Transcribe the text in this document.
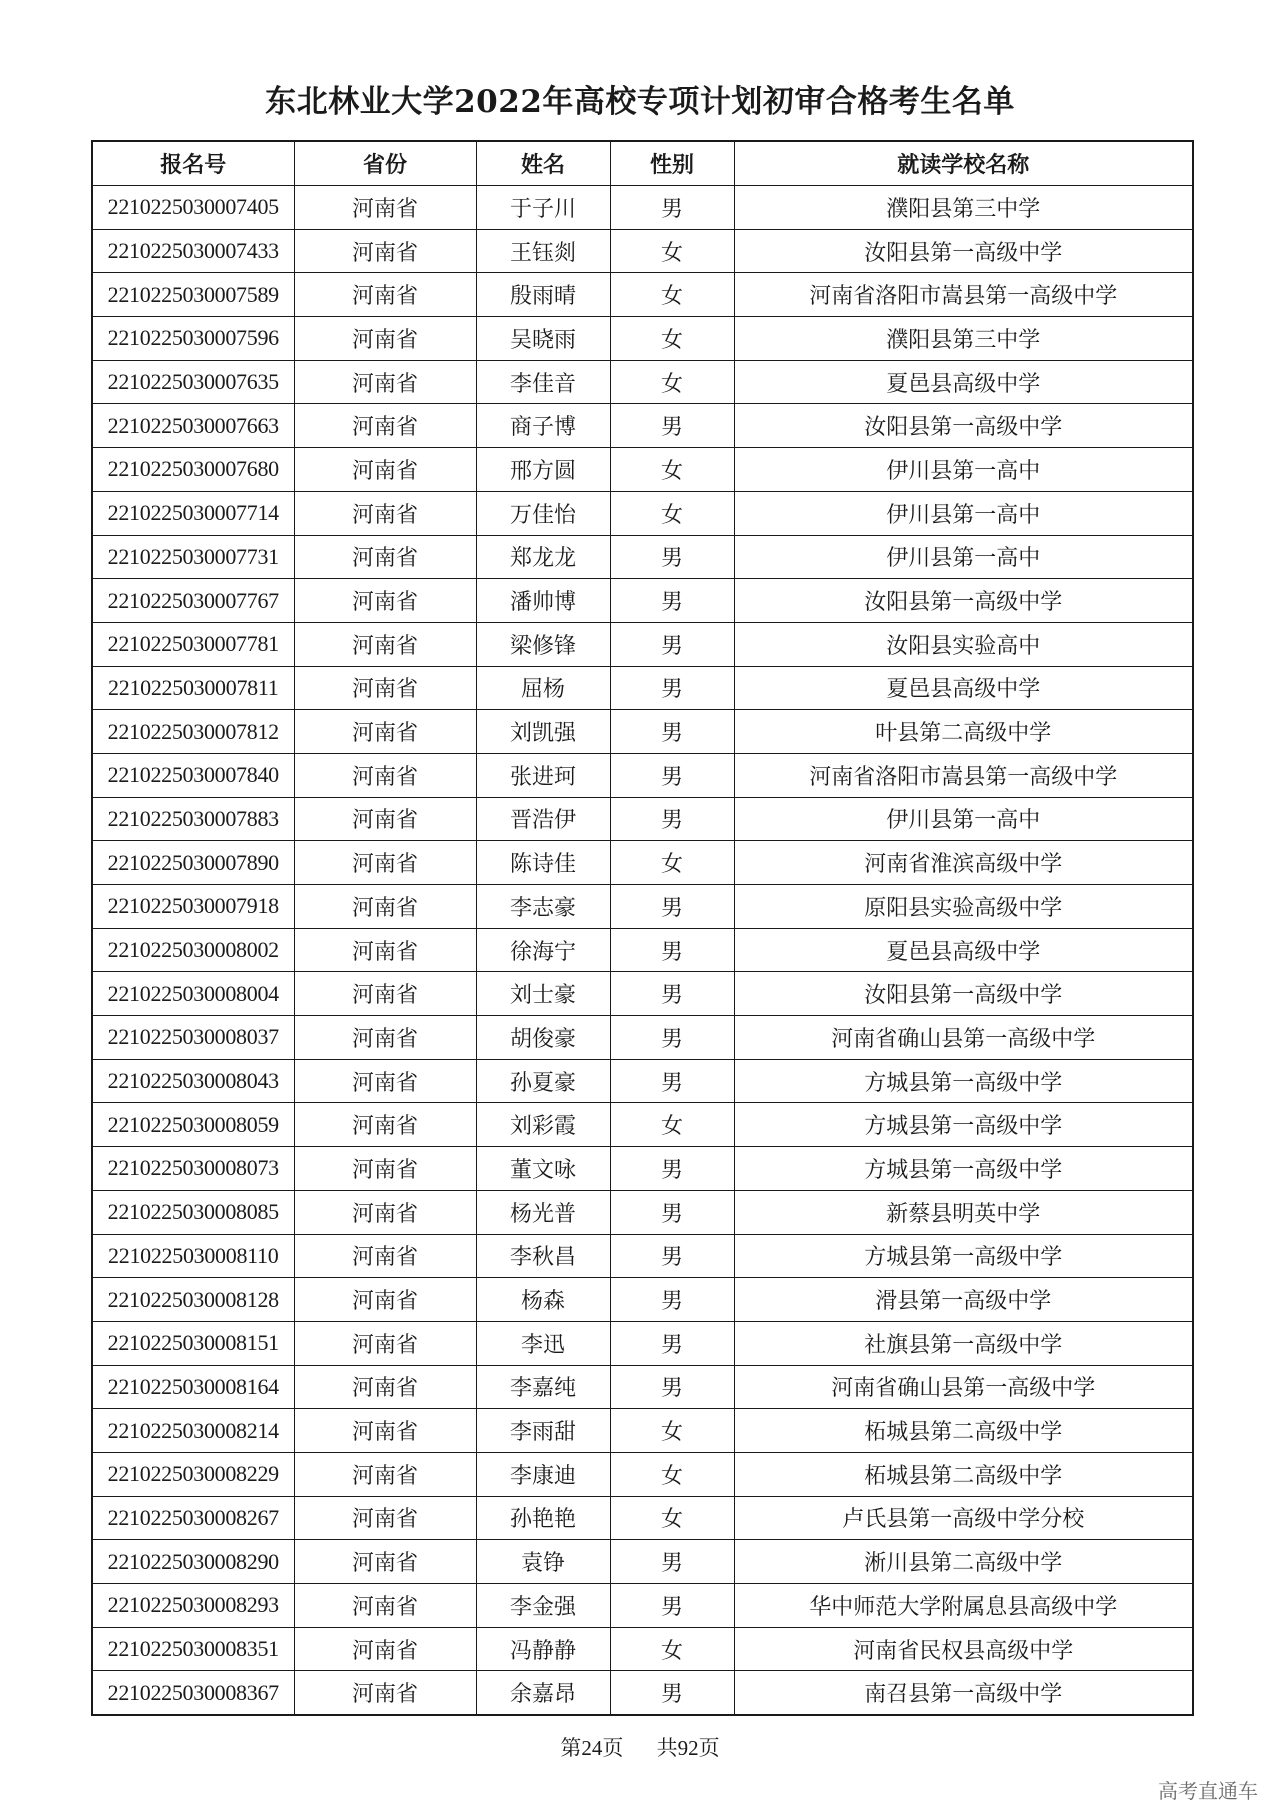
东北林业大学2022年高校专项计划初审合格考生名单
报名号	省份	姓名	性别	就读学校名称
2210225030007405	河南省	于子川	男	濮阳县第三中学
2210225030007433	河南省	王钰剡	女	汝阳县第一高级中学
2210225030007589	河南省	殷雨晴	女	河南省洛阳市嵩县第一高级中学
2210225030007596	河南省	吴晓雨	女	濮阳县第三中学
2210225030007635	河南省	李佳音	女	夏邑县高级中学
2210225030007663	河南省	商子博	男	汝阳县第一高级中学
2210225030007680	河南省	邢方圆	女	伊川县第一高中
2210225030007714	河南省	万佳怡	女	伊川县第一高中
2210225030007731	河南省	郑龙龙	男	伊川县第一高中
2210225030007767	河南省	潘帅博	男	汝阳县第一高级中学
2210225030007781	河南省	梁修锋	男	汝阳县实验高中
2210225030007811	河南省	屈杨	男	夏邑县高级中学
2210225030007812	河南省	刘凯强	男	叶县第二高级中学
2210225030007840	河南省	张进珂	男	河南省洛阳市嵩县第一高级中学
2210225030007883	河南省	晋浩伊	男	伊川县第一高中
2210225030007890	河南省	陈诗佳	女	河南省淮滨高级中学
2210225030007918	河南省	李志豪	男	原阳县实验高级中学
2210225030008002	河南省	徐海宁	男	夏邑县高级中学
2210225030008004	河南省	刘士豪	男	汝阳县第一高级中学
2210225030008037	河南省	胡俊豪	男	河南省确山县第一高级中学
2210225030008043	河南省	孙夏豪	男	方城县第一高级中学
2210225030008059	河南省	刘彩霞	女	方城县第一高级中学
2210225030008073	河南省	董文咏	男	方城县第一高级中学
2210225030008085	河南省	杨光普	男	新蔡县明英中学
2210225030008110	河南省	李秋昌	男	方城县第一高级中学
2210225030008128	河南省	杨森	男	滑县第一高级中学
2210225030008151	河南省	李迅	男	社旗县第一高级中学
2210225030008164	河南省	李嘉纯	男	河南省确山县第一高级中学
2210225030008214	河南省	李雨甜	女	柘城县第二高级中学
2210225030008229	河南省	李康迪	女	柘城县第二高级中学
2210225030008267	河南省	孙艳艳	女	卢氏县第一高级中学分校
2210225030008290	河南省	袁铮	男	淅川县第二高级中学
2210225030008293	河南省	李金强	男	华中师范大学附属息县高级中学
2210225030008351	河南省	冯静静	女	河南省民权县高级中学
2210225030008367	河南省	余嘉昂	男	南召县第一高级中学
第24页 共92页
高考直通车
